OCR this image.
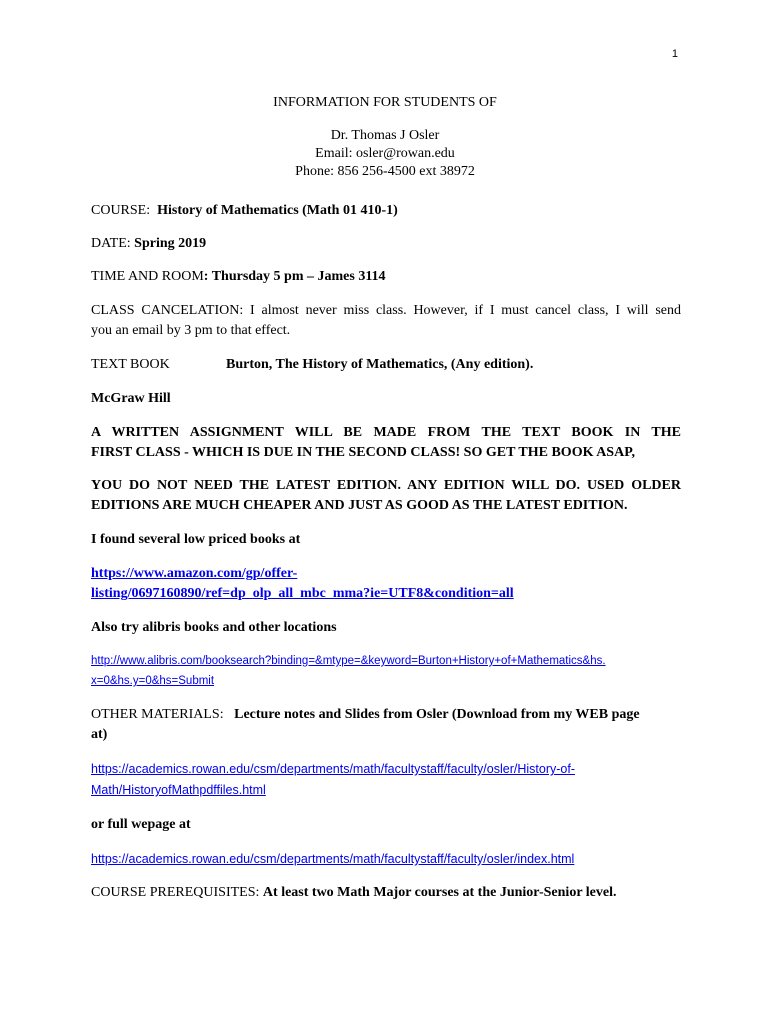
1
INFORMATION FOR STUDENTS OF
Dr. Thomas J Osler
Email: osler@rowan.edu
Phone: 856 256-4500 ext 38972
COURSE: History of Mathematics (Math 01 410-1)
DATE: Spring 2019
TIME AND ROOM: Thursday 5 pm – James 3114
CLASS CANCELATION: I almost never miss class. However, if I must cancel class, I will send
you an email by 3 pm to that effect.
TEXT BOOK	Burton, The History of Mathematics, (Any edition).
McGraw Hill
A WRITTEN ASSIGNMENT WILL BE MADE FROM THE TEXT BOOK IN THE
FIRST CLASS - WHICH IS DUE IN THE SECOND CLASS! SO GET THE BOOK ASAP,
YOU DO NOT NEED THE LATEST EDITION. ANY EDITION WILL DO. USED OLDER
EDITIONS ARE MUCH CHEAPER AND JUST AS GOOD AS THE LATEST EDITION.
I found several low priced books at
https://www.amazon.com/gp/offer-
listing/0697160890/ref=dp_olp_all_mbc_mma?ie=UTF8&condition=all
Also try alibris books and other locations
http://www.alibris.com/booksearch?binding=&mtype=&keyword=Burton+History+of+Mathematics&hs.
x=0&hs.y=0&hs=Submit
OTHER MATERIALS: Lecture notes and Slides from Osler (Download from my WEB page
at)
https://academics.rowan.edu/csm/departments/math/facultystaff/faculty/osler/History-of-
Math/HistoryofMathpdffiles.html
or full wepage at
https://academics.rowan.edu/csm/departments/math/facultystaff/faculty/osler/index.html
COURSE PREREQUISITES: At least two Math Major courses at the Junior-Senior level.
